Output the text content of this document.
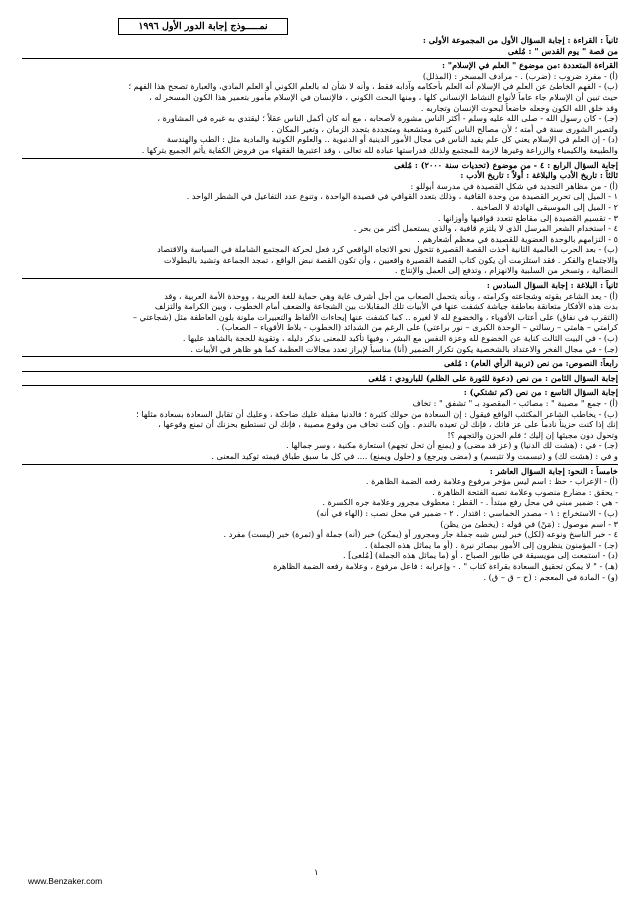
نمـــــوذج إجابة الدور الأول ١٩٩٦
ثانياً : القراءة : إجابة السؤال الأول من المجموعة الأولى :
من قصة " يوم القدس " : مُلغى
القراءة المتعددة :من موضوع " العلم في الإسلام" :
(أ) - مفرد ضروب : (ضرب) . - مرادف المسخر : (المذلل)
(ب) - الفهم الخاطئ عن العلم في الإسلام أنه العلم بأحكامه وآدابه فقط ، وأنه لا شأن له بالعلم الكوني أو العلم المادي، والعبارة تصحح هذا الفهم ؛
حيث تبين أن الإسلام جاء عاماً لأنواع النشاط الإنساني كلها ، ومنها البحث الكوني ، فالإنسان في الإسلام مأمور بتعمير هذا الكون المسخر له ،
وقد خلق الله الكون وجعله خاضعاً لبحوث الإنسان وتجاربه .
(جـ) - كان رسول الله - صلى الله عليه وسلم - أكثر الناس مشورة لأصحابه ، مع أنه كان أكمل الناس عقلاً ؛ ليقتدي به غيره في المشاورة ،
ولتصير الشورى سنة في أمته ؛ لأن مصالح الناس كثيرة ومتشعبة ومتجددة بتجدد الزمان ، وتغير المكان .
(د) - إن العلم في الإسلام يعني كل علم يفيد الناس في مجال الأمور الدينية أو الدنيوية .. والعلوم الكونية والمادية مثل : الطب والهندسة
والطبيعة والكيمياء والزراعة وغيرها لازمة للمجتمع ولذلك فدراستها عبادة لله تعالى ، وقد اعتبرها الفقهاء من فروض الكفاية يأثم الجميع بتركها .
إجابة السؤال الرابع : ٤ - من موضوع (تحديات سنة ٢٠٠٠) : مُلغى
ثالثاً : تاريخ الأدب والبلاغة : أولاً : تاريخ الأدب :
(أ) - من مظاهر التجديد في شكل القصيدة في مدرسة أبوللو :
١ - الميل إلى تحرير القصيدة من وحدة القافية ، وذلك بتعدد القوافي في قصيدة الواحدة ، وتنوع عدد التفاعيل في الشطر الواحد .
٢ - الميل إلى الموسيقى الهادئة لا الصاخبة .
٣ - تقسيم القصيدة إلى مقاطع تتعدد قوافيها وأوزانها .
٤ - استخدام الشعر المرسل الذي لا يلتزم قافية ، والذي يستعمل أكثر من بحر .
٥ - التزامهم بالوحدة العضوية للقصيدة في معظم أشعارهم .
(ب) - بعد الحرب العالمية الثانية أخذت القصة القصيرة تتحول نحو الاتجاه الواقعي كرد فعل لحركة المجتمع الشاملة في السياسة والاقتصاد
والاجتماع والفكر . فقد استلزمت أن يكون كتاب القصة القصيرة واقعيين ، وأن تكون القصة نبض الواقع ، تمجد الجماعة وتشيد بالبطولات
النضالية ، وتسخر من السلبية والانهزام ، وتدفع إلى العمل والإنتاج .
ثانياً : البلاغة : إجابة السؤال السادس :
(أ) - يعد الشاعر بقوته وشجاعته وكرامته ، وبأنه يتحمل الصعاب من أجل أشرف غاية وهي حماية للغة العربية ، ووحدة الأمة العربية ، وقد
بدت هذه الأفكار متعانقة بعاطفة جياشة كشفت عنها في الأبيات تلك المقابلات بين الشجاعة والضعف أمام الخطوب ، وبين الكرامة والتزلف
(التقرب في نفاق) على أعتاب الأقوياء ، والخضوع لله لا لغيره .. كما كشفت عنها إيحاءات الألفاظ والتعبيرات ملونة بلون العاطفة مثل (شجاعتي –
كرامتي – هامتي – رسالتي – الوحدة الكبرى – نور براعتي) على الرغم من الشدائد (الخطوب - بلاط الأقوياء – الصعاب) .
(ب) - في البيت الثالث كناية عن الخضوع لله وعزة النفس مع البشر ، وفيها تأكيد للمعنى بذكر دليله ، وتقوية للحجة بالشاهد عليها .
(جـ) - في مجال الفخر والاعتداد بالشخصية يكون تكرار الضمير (أنا) مناسباً لإبراز تعدد مجالات العظمة كما هو ظاهر في الأبيات .
رابعاً: النصوص: من نص (تربية الرأي العام) : مُلغى
إجابة السؤال الثامن : من نص (دعوة للثورة على الظلم) للبارودي : مُلغى
إجابة السؤال التاسع : من نص (كم تشتكي) :
(أ) - جمع " مصيبة " : مصائب - المقصود بـ " تشفق " : تخاف
(ب) - يخاطب الشاعر المكتئب الواقع فيقول : إن السعادة من حولك كثيرة ؛ فالدنيا مقبلة عليك ضاحكة ، وعليك أن تقابل السعادة بسعادة مثلها ؛
إنك إذا كنت حزيناً نادماً على عز فاتك ، فإنك لن تعيده بالندم . وإن كنت تخاف من وقوع مصيبة ، فإنك لن تستطيع بحزنك أن تمنع وقوعها ،
وتحول دون مجيئها إن إليك ؛ فلم الحزن والتجهم ؟!
(جـ) - في : (هشت لك الدنيا) و (عز قد مضى) و (يمنع أن تحل تجهم) استعارة مكنية ، وسر جمالها .
و في : (هشت لك) و (تبسمت ولا تتبسم) و (مضى ويرجع) و (حلول ويمنع) .... في كل ما سبق طباق قيمته توكيد المعنى .
خامساً : النحو: إجابة السؤال العاشر :
(أ) - الإعراب - حظ : اسم ليس مؤخر مرفوع وعلامة رفعه الضمة الظاهرة .
- يحقق : مضارع منصوب وعلامة نصبه الفتحة الظاهرة .
- هي : ضمير مبني في محل رفع مبتدأ . - القطر : معطوف مجرور وعلامة جره الكسرة .
(ب) - الاستخراج : ١ - مصدر الخماسي : اقتدار . ٢ - ضمير في محل نصب : (الهاء في أنه)
٣ - اسم موصول : (مَنْ) في قوله : (يخطئ من يظن)
٤ - خبر الناسخ ونوعه (لكل) خبر ليس شبه جملة جار ومجرور أو (يمكن) خبر (أنه) جملة أو (ثمرة) خبر (ليست) مفرد .
(جـ) - المؤمنون ينظرون إلى الأمور ببصائر نيرة . (أو ما يماثل هذه الجملة) .
(د) - استمعت إلى مويسيقة في طابور الصباح . أو (ما يماثل هذه الجملة) [مُلغى] .
(هـ) - " لا يمكن تحقيق السعادة بقراءة كتاب " . - وإعرابه : فاعل مرفوع ، وعلامة رفعه الضمة الظاهرة
(و) - المادة في المعجم : (ح – ق – ق) .
www.Benzaker.com
١
